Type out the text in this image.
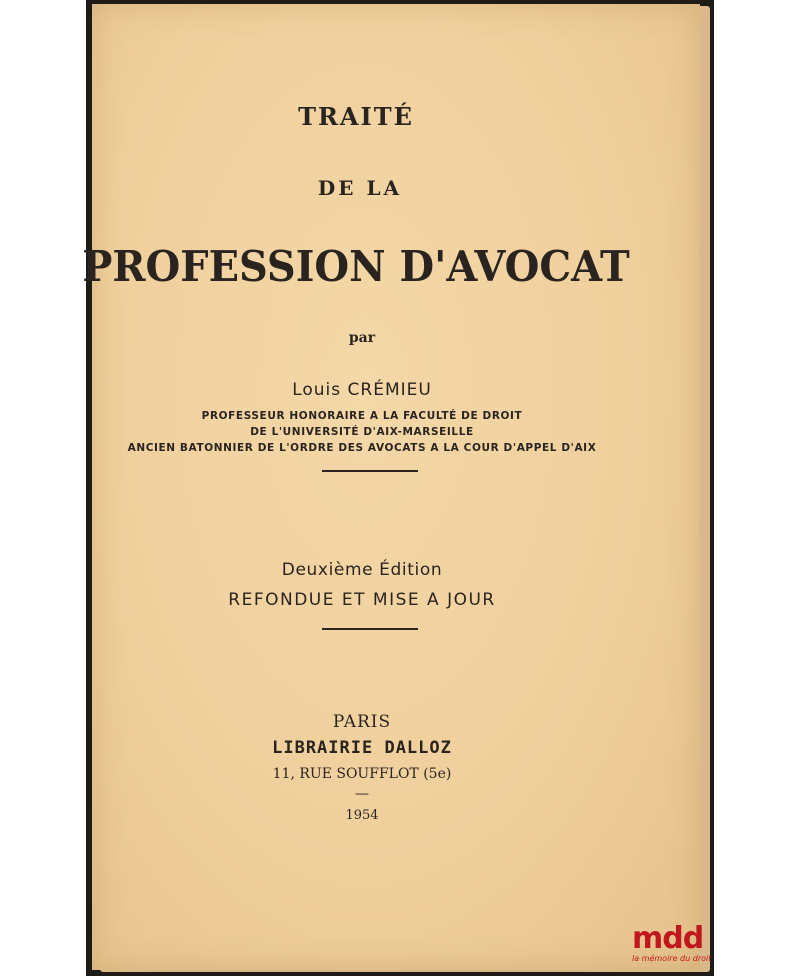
TRAITÉ
DE LA
PROFESSION D'AVOCAT
par
Louis CRÉMIEU
PROFESSEUR HONORAIRE A LA FACULTÉ DE DROIT
DE L'UNIVERSITÉ D'AIX-MARSEILLE
ANCIEN BATONNIER DE L'ORDRE DES AVOCATS A LA COUR D'APPEL D'AIX
Deuxième Édition
REFONDUE ET MISE A JOUR
PARIS
LIBRAIRIE DALLOZ
11, RUE SOUFFLOT (5e)
—
1954
mdd
la mémoire du droit
